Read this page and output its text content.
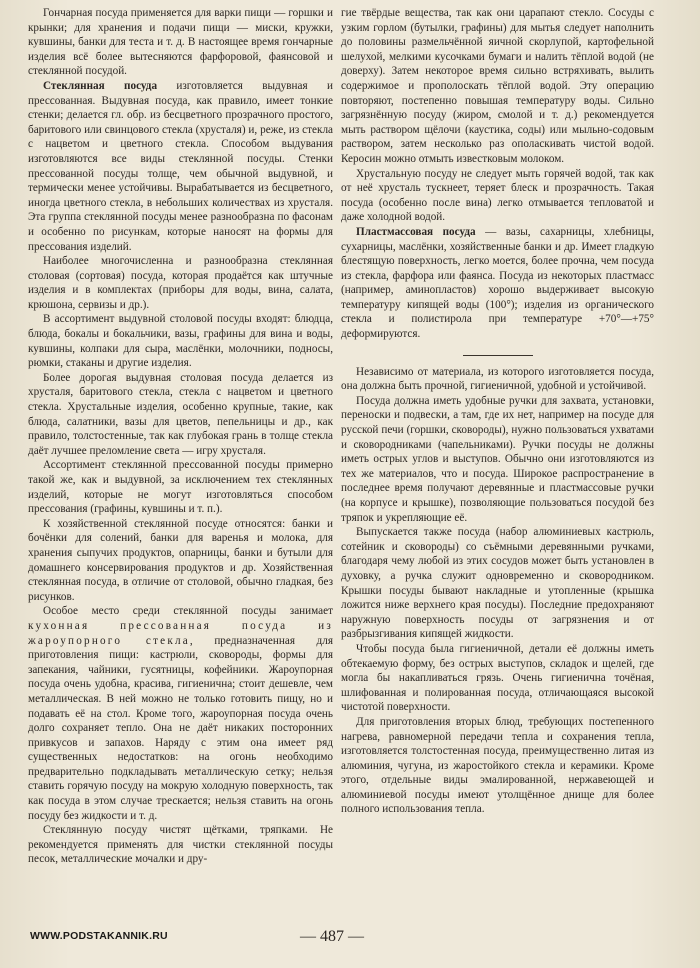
Гончарная посуда применяется для варки пищи — горшки и крынки; для хранения и подачи пищи — миски, кружки, кувшины, банки для теста и т. д. В настоящее время гончарные изделия всё более вытесняются фарфоровой, фаянсовой и стеклянной посудой.

Стеклянная посуда изготовляется выдувная и прессованная. Выдувная посуда, как правило, имеет тонкие стенки; делается гл. обр. из бесцветного прозрачного простого, баритового или свинцового стекла (хрусталя) и, реже, из стекла с нацветом и цветного стекла. Способом выдувания изготовляются все виды стеклянной посуды. Стенки прессованной посуды толще, чем обычной выдувной, и термически менее устойчивы. Вырабатывается из бесцветного, иногда цветного стекла, в небольших количествах из хрусталя. Эта группа стеклянной посуды менее разнообразна по фасонам и особенно по рисункам, которые наносят на формы для прессования изделий.

Наиболее многочисленна и разнообразна стеклянная столовая (сортовая) посуда, которая продаётся как штучные изделия и в комплектах (приборы для воды, вина, салата, крюшона, сервизы и др.).

В ассортимент выдувной столовой посуды входят: блюдца, блюда, бокалы и бокальчики, вазы, графины для вина и воды, кувшины, колпаки для сыра, маслёнки, молочники, подносы, рюмки, стаканы и другие изделия.

Более дорогая выдувная столовая посуда делается из хрусталя, баритового стекла, стекла с нацветом и цветного стекла. Хрустальные изделия, особенно крупные, такие, как блюда, салатники, вазы для цветов, пепельницы и др., как правило, толстостенные, так как глубокая грань в толще стекла даёт лучшее преломление света — игру хрусталя.

Ассортимент стеклянной прессованной посуды примерно такой же, как и выдувной, за исключением тех стеклянных изделий, которые не могут изготовляться способом прессования (графины, кувшины и т. п.).

К хозяйственной стеклянной посуде относятся: банки и бочёнки для солений, банки для варенья и молока, для хранения сыпучих продуктов, опарницы, банки и бутыли для домашнего консервирования продуктов и др. Хозяйственная стеклянная посуда, в отличие от столовой, обычно гладкая, без рисунков.

Особое место среди стеклянной посуды занимает кухонная прессованная посуда из жароупорного стекла, предназначенная для приготовления пищи: кастрюли, сковороды, формы для запекания, чайники, гусятницы, кофейники. Жароупорная посуда очень удобна, красива, гигиенична; стоит дешевле, чем металлическая. В ней можно не только готовить пищу, но и подавать её на стол. Кроме того, жароупорная посуда очень долго сохраняет тепло. Она не даёт никаких посторонних привкусов и запахов. Наряду с этим она имеет ряд существенных недостатков: на огонь необходимо предварительно подкладывать металлическую сетку; нельзя ставить горячую посуду на мокрую холодную поверхность, так как посуда в этом случае трескается; нельзя ставить на огонь посуду без жидкости и т. д.

Стеклянную посуду чистят щётками, тряпками. Не рекомендуется применять для чистки стеклянной посуды песок, металлические мочалки и дру-

гие твёрдые вещества, так как они царапают стекло. Сосуды с узким горлом (бутылки, графины) для мытья следует наполнить до половины размельчённой яичной скорлупой, картофельной шелухой, мелкими кусочками бумаги и налить тёплой водой (не доверху). Затем некоторое время сильно встряхивать, вылить содержимое и прополоскать тёплой водой. Эту операцию повторяют, постепенно повышая температуру воды. Сильно загрязнённую посуду (жиром, смолой и т. д.) рекомендуется мыть раствором щёлочи (каустика, соды) или мыльно-содовым раствором, затем несколько раз ополаскивать чистой водой. Керосин можно отмыть известковым молоком.

Хрустальную посуду не следует мыть горячей водой, так как от неё хрусталь тускнеет, теряет блеск и прозрачность. Такая посуда (особенно после вина) легко отмывается тепловатой и даже холодной водой.

Пластмассовая посуда — вазы, сахарницы, хлебницы, сухарницы, маслёнки, хозяйственные банки и др. Имеет гладкую блестящую поверхность, легко моется, более прочна, чем посуда из стекла, фарфора или фаянса. Посуда из некоторых пластмасс (например, аминопластов) хорошо выдерживает высокую температуру кипящей воды (100°); изделия из органического стекла и полистирола при температуре +70°—+75° деформируются.

Независимо от материала, из которого изготовляется посуда, она должна быть прочной, гигиеничной, удобной и устойчивой.

Посуда должна иметь удобные ручки для захвата, установки, переноски и подвески, а там, где их нет, например на посуде для русской печи (горшки, сковороды), нужно пользоваться ухватами и сковородниками (чапельниками). Ручки посуды не должны иметь острых углов и выступов. Обычно они изготовляются из тех же материалов, что и посуда. Широкое распространение в последнее время получают деревянные и пластмассовые ручки (на корпусе и крышке), позволяющие пользоваться посудой без тряпок и укрепляющие её.

Выпускается также посуда (набор алюминиевых кастрюль, сотейник и сковороды) со съёмными деревянными ручками, благодаря чему любой из этих сосудов может быть установлен в духовку, а ручка служит одновременно и сковородником. Крышки посуды бывают накладные и утопленные (крышка ложится ниже верхнего края посуды). Последние предохраняют наружную поверхность посуды от загрязнения и от разбрызгивания кипящей жидкости.

Чтобы посуда была гигиеничной, детали её должны иметь обтекаемую форму, без острых выступов, складок и щелей, где могла бы накапливаться грязь. Очень гигиенична точёная, шлифованная и полированная посуда, отличающаяся высокой чистотой поверхности.

Для приготовления вторых блюд, требующих постепенного нагрева, равномерной передачи тепла и сохранения тепла, изготовляется толстостенная посуда, преимущественно литая из алюминия, чугуна, из жаростойкого стекла и керамики. Кроме этого, отдельные виды эмалированной, нержавеющей и алюминиевой посуды имеют утолщённое днище для более полного использования тепла.

WWW.PODSTAKANNIK.RU	— 487 —
